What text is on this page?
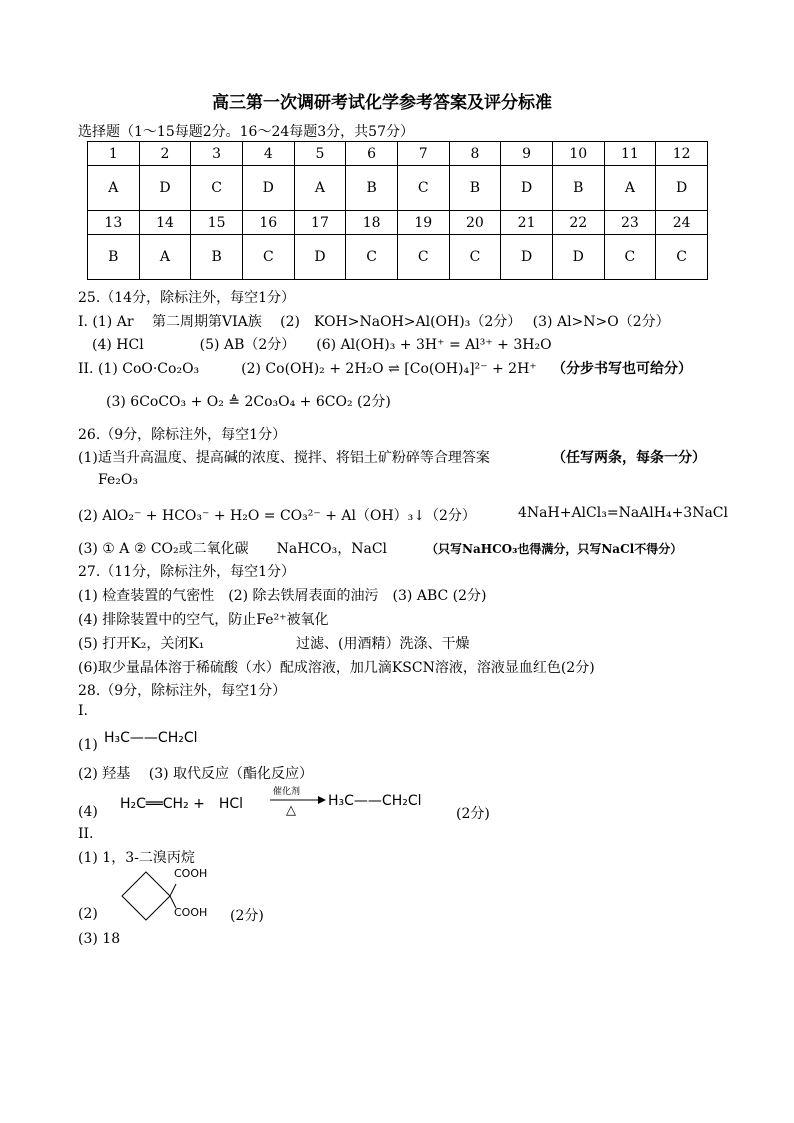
高三第一次调研考试化学参考答案及评分标准
选择题（1～15每题2分。16～24每题3分，共57分）
1	2	3	4	5	6	7	8	9	10	11	12
A	D	C	D	A	B	C	B	D	B	A	D
13	14	15	16	17	18	19	20	21	22	23	24
B	A	B	C	D	C	C	C	D	D	C	C
25.（14分，除标注外，每空1分）
I. (1) Ar　 第二周期第VIA族　 (2)　KOH>NaOH>Al(OH)₃（2分）　 (3) Al>N>O（2分）
(4) HCl　　　　(5) AB（2分）　　(6) Al(OH)₃ + 3H⁺ = Al³⁺ + 3H₂O
II. (1) CoO·Co₂O₃　　　(2) Co(OH)₂ + 2H₂O ⇌ [Co(OH)₄]²⁻ + 2H⁺ （分步书写也可给分）
(3) 6CoCO₃ + O₂ ≜ 2Co₃O₄ + 6CO₂ (2分)
26.（9分，除标注外，每空1分）
(1)适当升高温度、提高碱的浓度、搅拌、将铝土矿粉碎等合理答案	（任写两条，每条一分）
Fe₂O₃
(2) AlO₂⁻ + HCO₃⁻ + H₂O = CO₃²⁻ + Al（OH）₃↓（2分）	4NaH+AlCl₃=NaAlH₄+3NaCl
(3) ① A ② CO₂或二氧化碳　　NaHCO₃，NaCl	（只写NaHCO₃也得满分，只写NaCl不得分）
27.（11分，除标注外，每空1分）
(1) 检查装置的气密性　(2) 除去铁屑表面的油污　(3) ABC (2分)
(4) 排除装置中的空气，防止Fe²⁺被氧化
(5) 打开K₂，关闭K₁	过滤、(用酒精）洗涤、干燥
(6)取少量晶体溶于稀硫酸（水）配成溶液，加几滴KSCN溶液，溶液显血红色(2分)
28.（9分，除标注外，每空1分）
I.
(1) H₃C——CH₂Cl
(2) 羟基　 (3) 取代反应（酯化反应）
(4) H₂C══CH₂ +　HCl
催化剂
△
H₃C——CH₂Cl
(2分)
II.
(1) 1，3-二溴丙烷
COOH
COOH
(2)	(2分)
(3) 18
